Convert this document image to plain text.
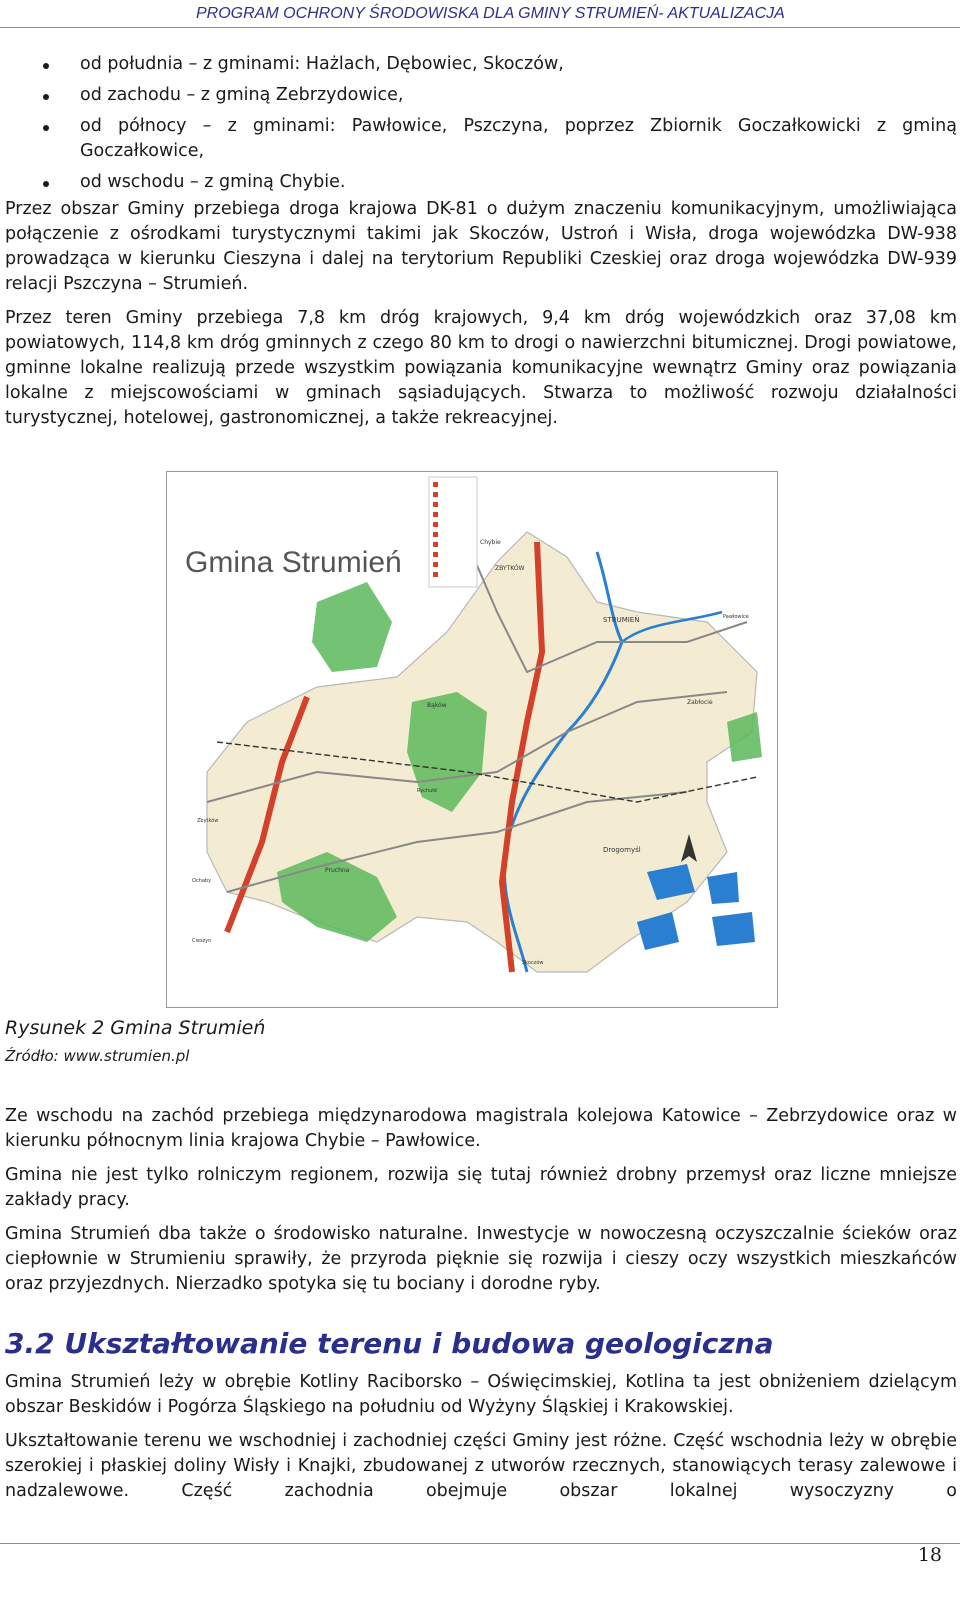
PROGRAM OCHRONY ŚRODOWISKA DLA GMINY STRUMIEŃ- AKTUALIZACJA
od południa – z gminami: Hażlach, Dębowiec, Skoczów,
od zachodu – z gminą Zebrzydowice,
od północy – z gminami: Pawłowice, Pszczyna, poprzez Zbiornik Goczałkowicki z gminą Goczałkowice,
od wschodu – z gminą Chybie.

Przez obszar Gminy przebiega droga krajowa DK-81 o dużym znaczeniu komunikacyjnym, umożliwiająca połączenie z ośrodkami turystycznymi takimi jak Skoczów, Ustroń i Wisła, droga wojewódzka DW-938 prowadząca w kierunku Cieszyna i dalej na terytorium Republiki Czeskiej oraz droga wojewódzka DW-939 relacji Pszczyna – Strumień.

Przez teren Gminy przebiega 7,8 km dróg krajowych, 9,4 km dróg wojewódzkich oraz 37,08 km powiatowych, 114,8 km dróg gminnych z czego 80 km to drogi o nawierzchni bitumicznej. Drogi powiatowe, gminne lokalne realizują przede wszystkim powiązania komunikacyjne wewnątrz Gminy oraz powiązania lokalne z miejscowościami w gminach sąsiadujących. Stwarza to możliwość rozwoju działalności turystycznej, hotelowej, gastronomicznej, a także rekreacyjnej.

Gmina Strumień
Chybie
ZBYTKÓW
STRUMIEŃ	Pawłowice
Bąków	Zabłocie
Drogomyśl
Pruchna
Skoczów
Cieszyn
Ochaby
Zbytków
Rychułd
Rysunek 2 Gmina Strumień
Źródło: www.strumien.pl

Ze wschodu na zachód przebiega międzynarodowa magistrala kolejowa Katowice – Zebrzydowice oraz w kierunku północnym linia krajowa Chybie – Pawłowice.

Gmina nie jest tylko rolniczym regionem, rozwija się tutaj również drobny przemysł oraz liczne mniejsze zakłady pracy.

Gmina Strumień dba także o środowisko naturalne. Inwestycje w nowoczesną oczyszczalnie ścieków oraz ciepłownie w Strumieniu sprawiły, że przyroda pięknie się rozwija i cieszy oczy wszystkich mieszkańców oraz przyjezdnych. Nierzadko spotyka się tu bociany i dorodne ryby.

3.2 Ukształtowanie terenu i budowa geologiczna

Gmina Strumień leży w obrębie Kotliny Raciborsko – Oświęcimskiej, Kotlina ta jest obniżeniem dzielącym obszar Beskidów i Pogórza Śląskiego na południu od Wyżyny Śląskiej i Krakowskiej.

Ukształtowanie terenu we wschodniej i zachodniej części Gminy jest różne. Część wschodnia leży w obrębie szerokiej i płaskiej doliny Wisły i Knajki, zbudowanej z utworów rzecznych, stanowiących terasy zalewowe i nadzalewowe. Część zachodnia obejmuje obszar lokalnej wysoczyzny o

18
